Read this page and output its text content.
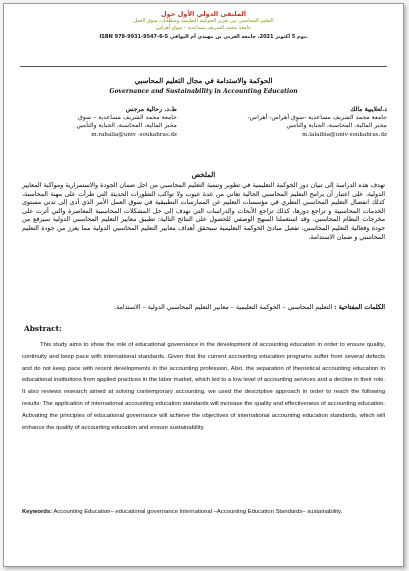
الملتقى الدولي الأول حول
التعليم المحاسبي بين تعزيز الحوكمة التعليمية ومتطلبات سوق العمل
جامعة محمد الشريف مساعدية - سوق أهراس
ISBN 978-9931-9547-6-5 يوم 5 أكتوبر 2021، جامعة العربي بن مهيدي أم البواقي،
الحوكمة والاستدامة في مجال التعليم المحاسبي
Governance and Sustainability in Accounting Education
د.لعلايبية مالك
جامعة محمد الشريف مساعدية -سوق أهراس- أهراس-
مخبر المالية، المحاسبة، الجباية والتأمين
m.lalaibia@univ-soukahras.dz
ط.د. رحالية مرجس
جامعة محمد الشريف مساعدية – سوق
مخبر المالية، المحاسبة، الجباية والتأمين
m.rahalia@univ -soukahras.dz
الملخص
تهدف هذه الدراسة إلى تبيان دور الحوكمة التعليمية في تطوير وتنمية التعليم المحاسبي من اجل ضمان الجودة والاستمرارية ومواكبة المعايير الدولية، على اعتبار أن برامج التعليم المحاسبي الحالية تعاني من عدة عيوب ولا تواكب التطورات الحديثة التي طرأت على مهنة المحاسبة، كذلك انفصال التعليم المحاسبي النظري في مؤسسات التعليم عن الممارسات التطبيقية في سوق العمل الأمر الذي أدى إلى تدني مستوى الخدمات المحاسبية و تراجع دورها، كذلك تراجع الأبحاث والدراسات التي تهدف إلى حل المشكلات المحاسبية المعاصرة والتي أثرت على مخرجات النظام المحاسبي. وقد استعملنا المنهج الوصفي للحصول على النتائج التالية: تطبيق معايير التعليم المحاسبي الدولية سيرفع من جودة وفعالية التعليم المحاسبي، تفعيل مبادئ الحوكمة التعليمية سيحقق أهداف معايير التعليم المحاسبي الدولية مما يعزز من جودة التعليم المحاسبي و ضمان الاستدامة.
الكلمات المفتاحية : التعليم المحاسبي – الحوكمة التعليمية – معايير التعليم المحاسبي الدولية – الاستدامة.
Abstract:
This study aims to show the role of educational governance in the development of accounting education in order to ensure quality, continuity and keep pace with international standards. Given that the current accounting education programs suffer from several defects and do not keep pace with recent developments in the accounting profession, Also, the separation of theoretical accounting education in educational institutions from applied practices in the labor market, which led to a low level of accounting services and a decline in their role. It also reviews research aimed at solving contemporary accounting, we used the descriptive approach in order to reach the following results: The application of international accounting education standards will increase the quality and effectiveness of accounting education. Activating the principles of educational governance will achieve the objectives of international accounting education standards, which will enhance the quality of accounting education and ensure sustainability.
Keywords: Accounting Education– educational governance International –Accounting Education Standards– sustainability.
